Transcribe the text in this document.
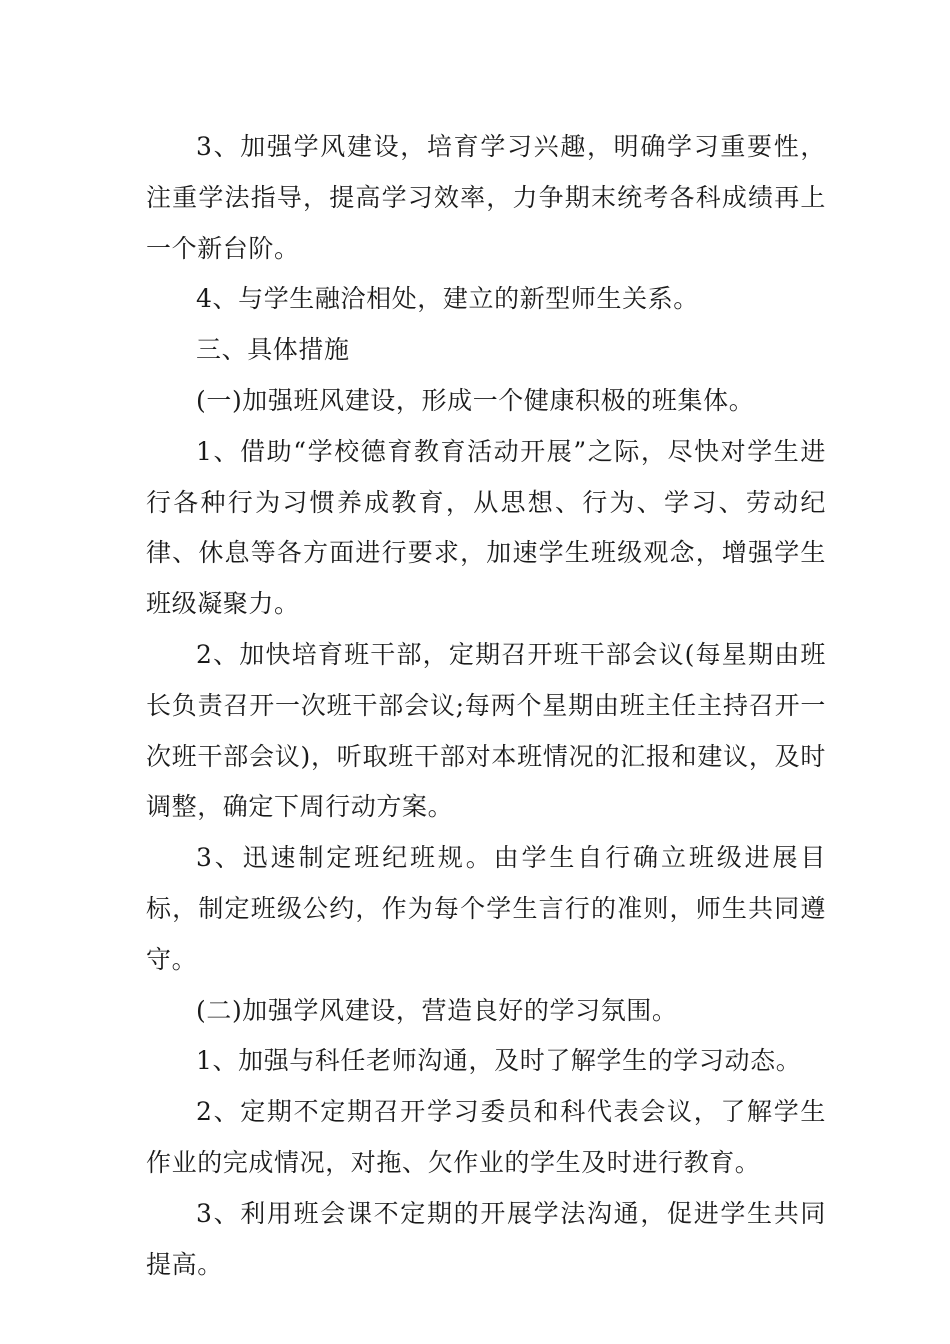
3、加强学风建设，培育学习兴趣，明确学习重要性，注重学法指导，提高学习效率，力争期末统考各科成绩再上一个新台阶。

4、与学生融洽相处，建立的新型师生关系。

三、具体措施

(一)加强班风建设，形成一个健康积极的班集体。

1、借助“学校德育教育活动开展”之际，尽快对学生进行各种行为习惯养成教育，从思想、行为、学习、劳动纪律、休息等各方面进行要求，加速学生班级观念，增强学生班级凝聚力。

2、加快培育班干部，定期召开班干部会议(每星期由班长负责召开一次班干部会议;每两个星期由班主任主持召开一次班干部会议)，听取班干部对本班情况的汇报和建议，及时调整，确定下周行动方案。

3、迅速制定班纪班规。由学生自行确立班级进展目标，制定班级公约，作为每个学生言行的准则，师生共同遵守。

(二)加强学风建设，营造良好的学习氛围。

1、加强与科任老师沟通，及时了解学生的学习动态。

2、定期不定期召开学习委员和科代表会议，了解学生作业的完成情况，对拖、欠作业的学生及时进行教育。

3、利用班会课不定期的开展学法沟通，促进学生共同提高。
